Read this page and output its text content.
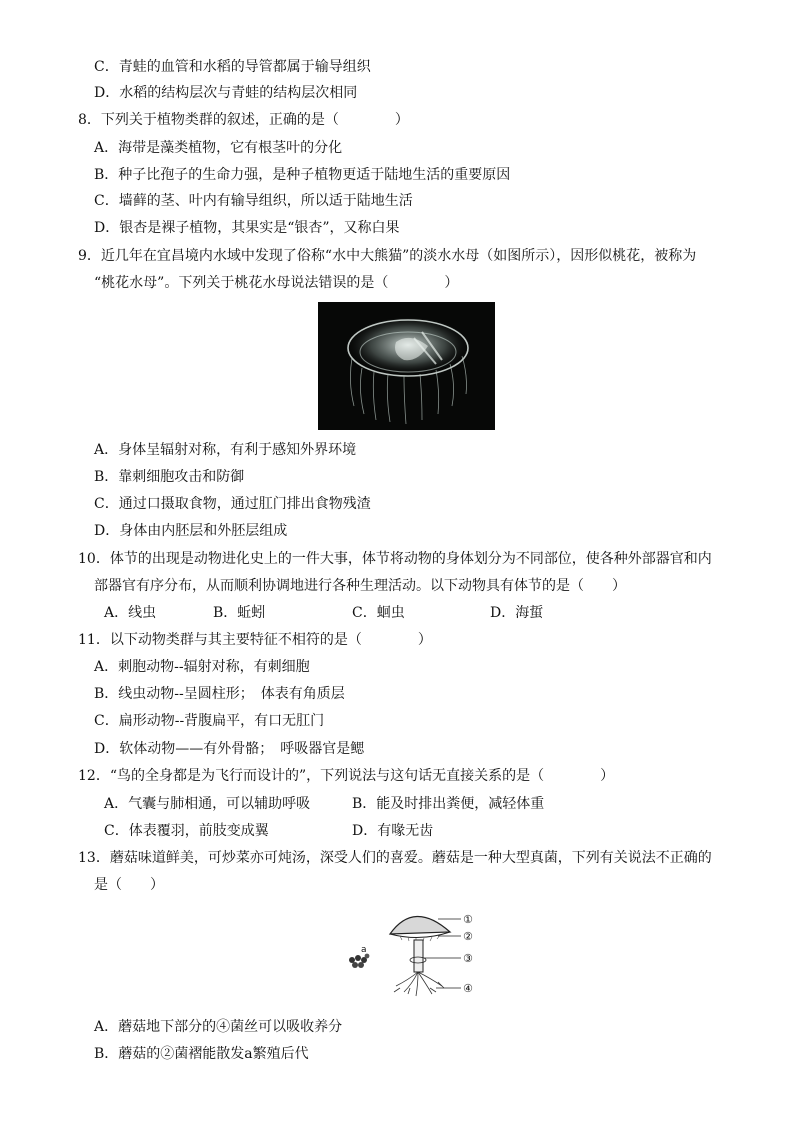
C．青蛙的血管和水稻的导管都属于输导组织
D．水稻的结构层次与青蛙的结构层次相同
8．下列关于植物类群的叙述，正确的是（　　　　）
A．海带是藻类植物，它有根茎叶的分化
B．种子比孢子的生命力强，是种子植物更适于陆地生活的重要原因
C．墙藓的茎、叶内有输导组织，所以适于陆地生活
D．银杏是裸子植物，其果实是“银杏”，又称白果
9．近几年在宜昌境内水域中发现了俗称“水中大熊猫”的淡水水母（如图所示），因形似桃花，被称为
“桃花水母”。下列关于桃花水母说法错误的是（　　　　）
A．身体呈辐射对称，有利于感知外界环境
B．靠刺细胞攻击和防御
C．通过口摄取食物，通过肛门排出食物残渣
D．身体由内胚层和外胚层组成
10．体节的出现是动物进化史上的一件大事，体节将动物的身体划分为不同部位，使各种外部器官和内
部器官有序分布，从而顺利协调地进行各种生理活动。以下动物具有体节的是（　　）
A．线虫	B．蚯蚓	C．蛔虫	D．海蜇
11．以下动物类群与其主要特征不相符的是（　　　　）
A．刺胞动物--辐射对称，有刺细胞
B．线虫动物--呈圆柱形；　体表有角质层
C．扁形动物--背腹扁平，有口无肛门
D．软体动物——有外骨骼；　呼吸器官是鳃
12．“鸟的全身都是为飞行而设计的”，下列说法与这句话无直接关系的是（　　　　）
A．气囊与肺相通，可以辅助呼吸	B．能及时排出粪便，减轻体重
C．体表覆羽，前肢变成翼	D．有喙无齿
13．蘑菇味道鲜美，可炒菜亦可炖汤，深受人们的喜爱。蘑菇是一种大型真菌，下列有关说法不正确的
是（　　）
a
①
②
③
④
A．蘑菇地下部分的④菌丝可以吸收养分
B．蘑菇的②菌褶能散发a繁殖后代
